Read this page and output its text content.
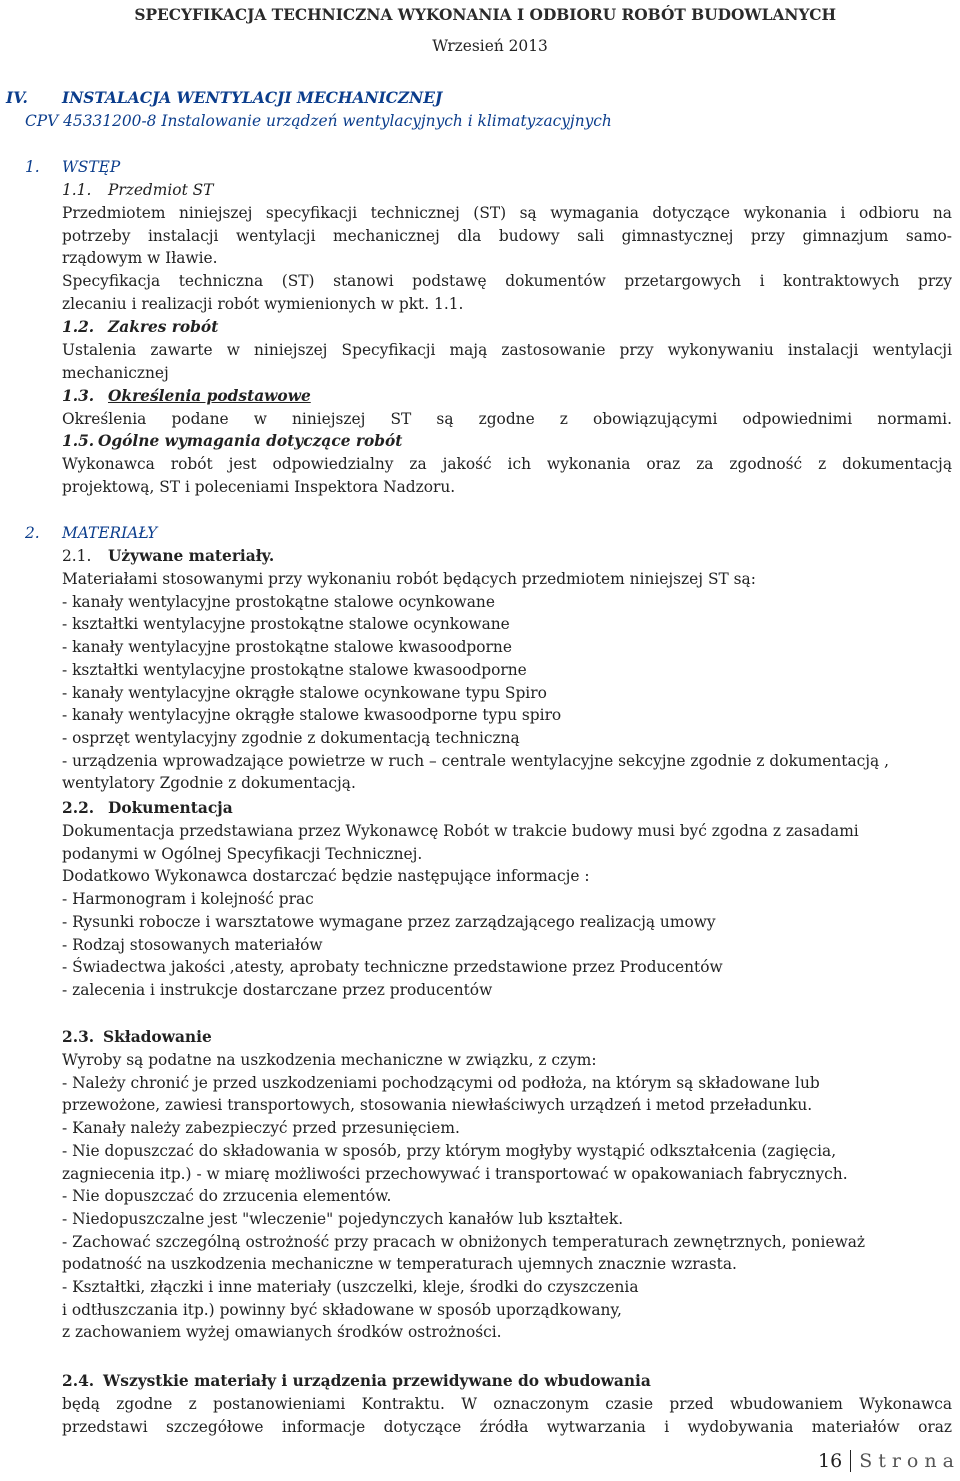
SPECYFIKACJA TECHNICZNA WYKONANIA I ODBIORU ROBÓT BUDOWLANYCH
Wrzesień 2013
IV. INSTALACJA WENTYLACJI MECHANICZNEJ
CPV 45331200-8 Instalowanie urządzeń wentylacyjnych i klimatyzacyjnych
1. WSTĘP
1.1. Przedmiot ST
Przedmiotem niniejszej specyfikacji technicznej (ST) są wymagania dotyczące wykonania i odbioru na
potrzeby instalacji wentylacji mechanicznej dla budowy sali gimnastycznej przy gimnazjum samo-
rządowym w Iławie.
Specyfikacja techniczna (ST) stanowi podstawę dokumentów przetargowych i kontraktowych przy
zlecaniu i realizacji robót wymienionych w pkt. 1.1.
1.2. Zakres robót
Ustalenia zawarte w niniejszej Specyfikacji mają zastosowanie przy wykonywaniu instalacji wentylacji
mechanicznej
1.3. Określenia podstawowe
Określenia podane w niniejszej ST są zgodne z obowiązującymi odpowiednimi normami.
1.5. Ogólne wymagania dotyczące robót
Wykonawca robót jest odpowiedzialny za jakość ich wykonania oraz za zgodność z dokumentacją
projektową, ST i poleceniami Inspektora Nadzoru.
2. MATERIAŁY
2.1. Używane materiały.
Materiałami stosowanymi przy wykonaniu robót będących przedmiotem niniejszej ST są:
- kanały wentylacyjne prostokątne stalowe ocynkowane
- kształtki wentylacyjne prostokątne stalowe ocynkowane
- kanały wentylacyjne prostokątne stalowe kwasoodporne
- kształtki wentylacyjne prostokątne stalowe kwasoodporne
- kanały wentylacyjne okrągłe stalowe ocynkowane typu Spiro
- kanały wentylacyjne okrągłe stalowe kwasoodporne typu spiro
- osprzęt wentylacyjny zgodnie z dokumentacją techniczną
- urządzenia wprowadzające powietrze w ruch – centrale wentylacyjne sekcyjne zgodnie z dokumentacją ,
wentylatory Zgodnie z dokumentacją.
2.2. Dokumentacja
Dokumentacja przedstawiana przez Wykonawcę Robót w trakcie budowy musi być zgodna z zasadami
podanymi w Ogólnej Specyfikacji Technicznej.
Dodatkowo Wykonawca dostarczać będzie następujące informacje :
- Harmonogram i kolejność prac
- Rysunki robocze i warsztatowe wymagane przez zarządzającego realizacją umowy
- Rodzaj stosowanych materiałów
- Świadectwa jakości ,atesty, aprobaty techniczne przedstawione przez Producentów
- zalecenia i instrukcje dostarczane przez producentów
2.3. Składowanie
Wyroby są podatne na uszkodzenia mechaniczne w związku, z czym:
- Należy chronić je przed uszkodzeniami pochodzącymi od podłoża, na którym są składowane lub
przewożone, zawiesi transportowych, stosowania niewłaściwych urządzeń i metod przeładunku.
- Kanały należy zabezpieczyć przed przesunięciem.
- Nie dopuszczać do składowania w sposób, przy którym mogłyby wystąpić odkształcenia (zagięcia,
zagniecenia itp.) - w miarę możliwości przechowywać i transportować w opakowaniach fabrycznych.
- Nie dopuszczać do zrzucenia elementów.
- Niedopuszczalne jest "wleczenie" pojedynczych kanałów lub kształtek.
- Zachować szczególną ostrożność przy pracach w obniżonych temperaturach zewnętrznych, ponieważ
podatność na uszkodzenia mechaniczne w temperaturach ujemnych znacznie wzrasta.
- Kształtki, złączki i inne materiały (uszczelki, kleje, środki do czyszczenia
i odtłuszczania itp.) powinny być składowane w sposób uporządkowany,
z zachowaniem wyżej omawianych środków ostrożności.
2.4. Wszystkie materiały i urządzenia przewidywane do wbudowania
będą zgodne z postanowieniami Kontraktu. W oznaczonym czasie przed wbudowaniem Wykonawca
przedstawi szczegółowe informacje dotyczące źródła wytwarzania i wydobywania materiałów oraz
16 Strona
